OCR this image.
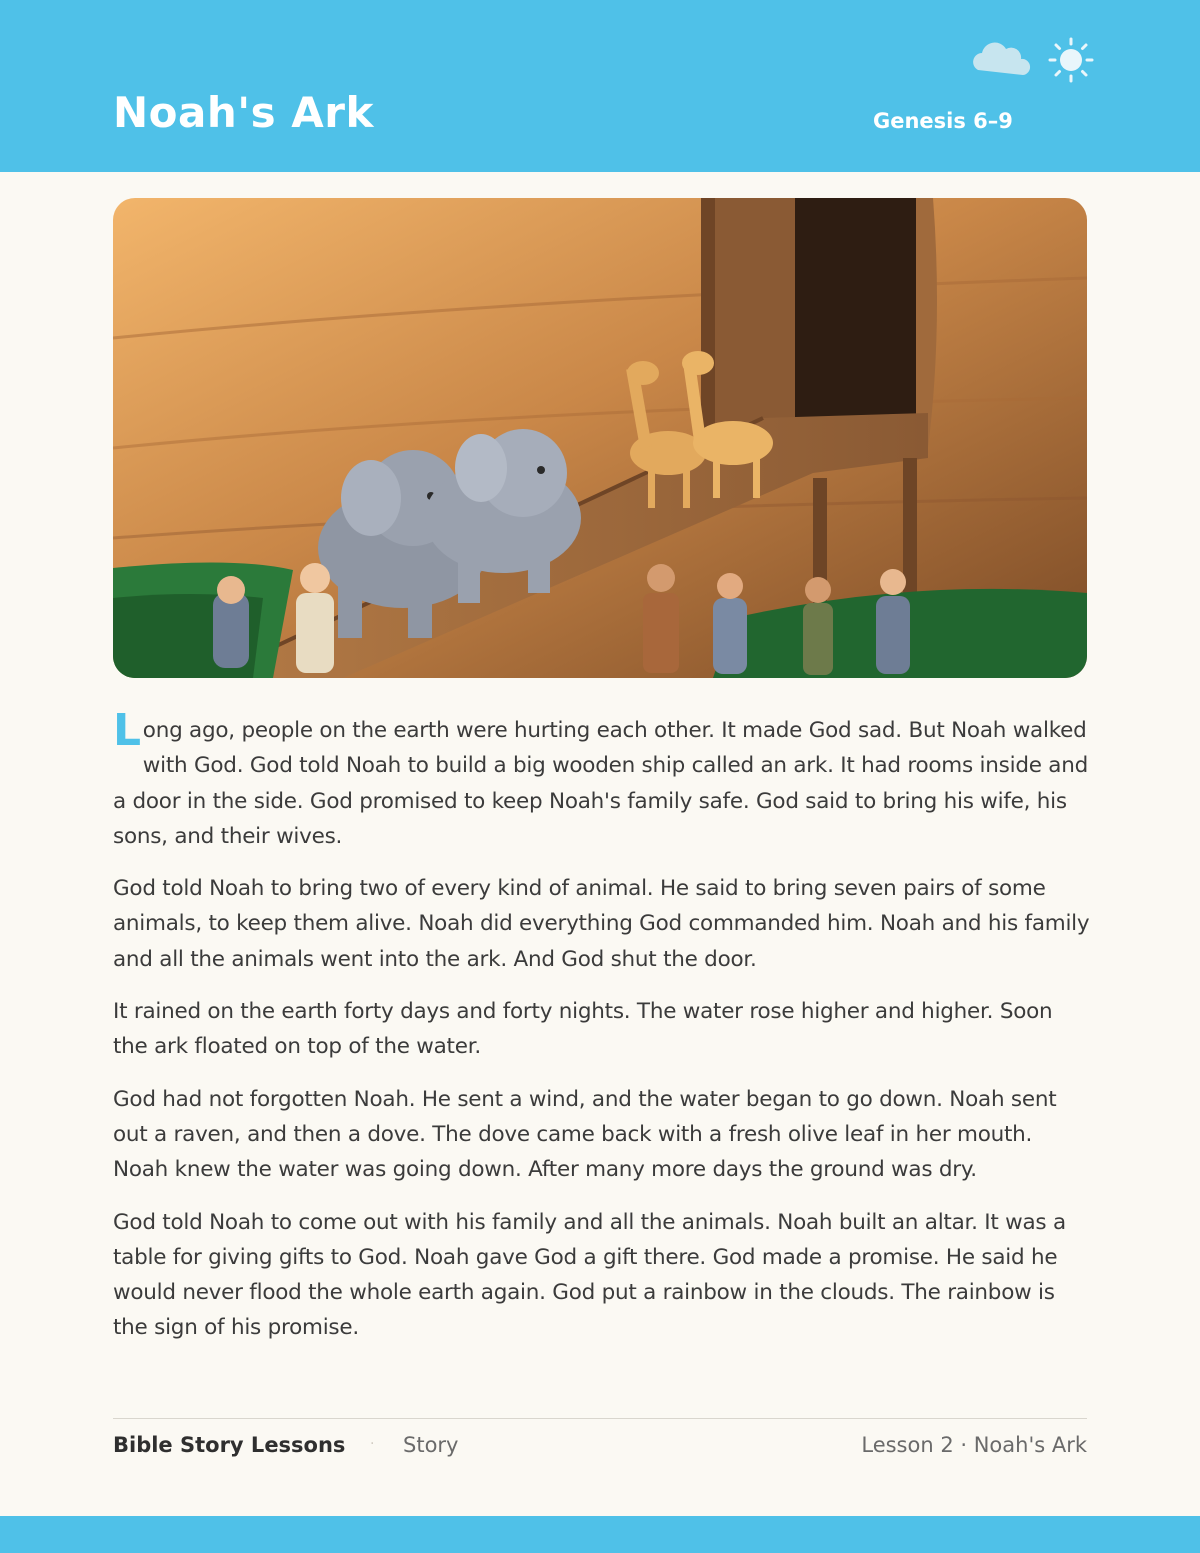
Noah's Ark	Genesis 6–9

Long ago, people on the earth were hurting each other. It made God sad. But Noah walked with God. God told Noah to build a big wooden ship called an ark. It had rooms inside and a door in the side. God promised to keep Noah's family safe. God said to bring his wife, his sons, and their wives.

God told Noah to bring two of every kind of animal. He said to bring seven pairs of some animals, to keep them alive. Noah did everything God commanded him. Noah and his family and all the animals went into the ark. And God shut the door.

It rained on the earth forty days and forty nights. The water rose higher and higher. Soon the ark floated on top of the water.

God had not forgotten Noah. He sent a wind, and the water began to go down. Noah sent out a raven, and then a dove. The dove came back with a fresh olive leaf in her mouth. Noah knew the water was going down. After many more days the ground was dry.

God told Noah to come out with his family and all the animals. Noah built an altar. It was a table for giving gifts to God. Noah gave God a gift there. God made a promise. He said he would never flood the whole earth again. God put a rainbow in the clouds. The rainbow is the sign of his promise.

Bible Story Lessons · Story	Lesson 2 · Noah's Ark
